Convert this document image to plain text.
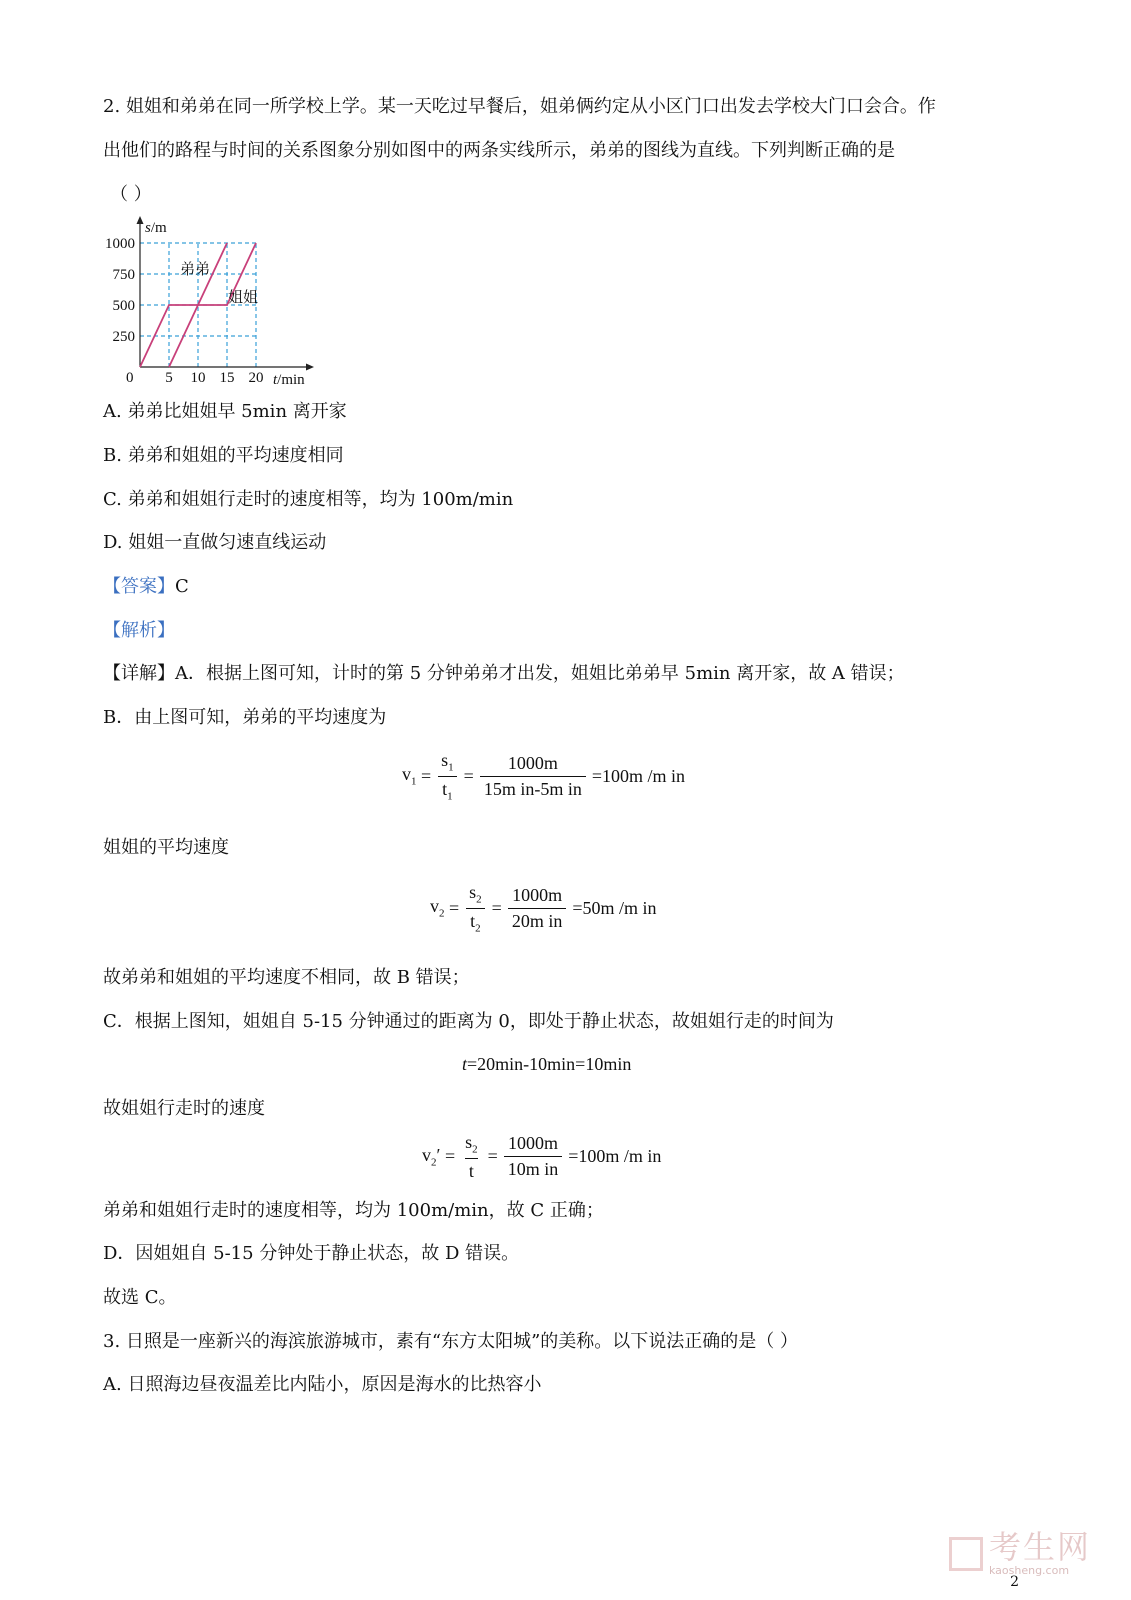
2. 姐姐和弟弟在同一所学校上学。某一天吃过早餐后，姐弟俩约定从小区门口出发去学校大门口会合。作
出他们的路程与时间的关系图象分别如图中的两条实线所示，弟弟的图线为直线。下列判断正确的是
（ ）
s/m
t/min
0 5 10 15 20
1000
750
500
250
弟弟
姐姐
A. 弟弟比姐姐早 5min 离开家
B. 弟弟和姐姐的平均速度相同
C. 弟弟和姐姐行走时的速度相等，均为 100m/min
D. 姐姐一直做匀速直线运动
【答案】C
【解析】
【详解】A．根据上图可知，计时的第 5 分钟弟弟才出发，姐姐比弟弟早 5min 离开家，故 A 错误；
B．由上图可知，弟弟的平均速度为
$v_1 = \frac{s_1}{t_1} = \frac{1000m}{\text{15m in-5m in}} =100m$ /m in
姐姐的平均速度
$v_2 = \frac{s_2}{t_2} = \frac{1000m}{\text{20m in}} =50m$ /m in
故弟弟和姐姐的平均速度不相同，故 B 错误；
C．根据上图知，姐姐自 5-15 分钟通过的距离为 0，即处于静止状态，故姐姐行走的时间为
t=20min-10min=10min
故姐姐行走时的速度
$v_2' = \frac{s_2}{t} = \frac{1000m}{\text{10m in}} =100m$ /m in
弟弟和姐姐行走时的速度相等，均为 100m/min，故 C 正确；
D．因姐姐自 5-15 分钟处于静止状态，故 D 错误。
故选 C。
3. 日照是一座新兴的海滨旅游城市，素有“东方太阳城”的美称。以下说法正确的是（ ）
A. 日照海边昼夜温差比内陆小，原因是海水的比热容小
考生网
kaosheng.com
2
